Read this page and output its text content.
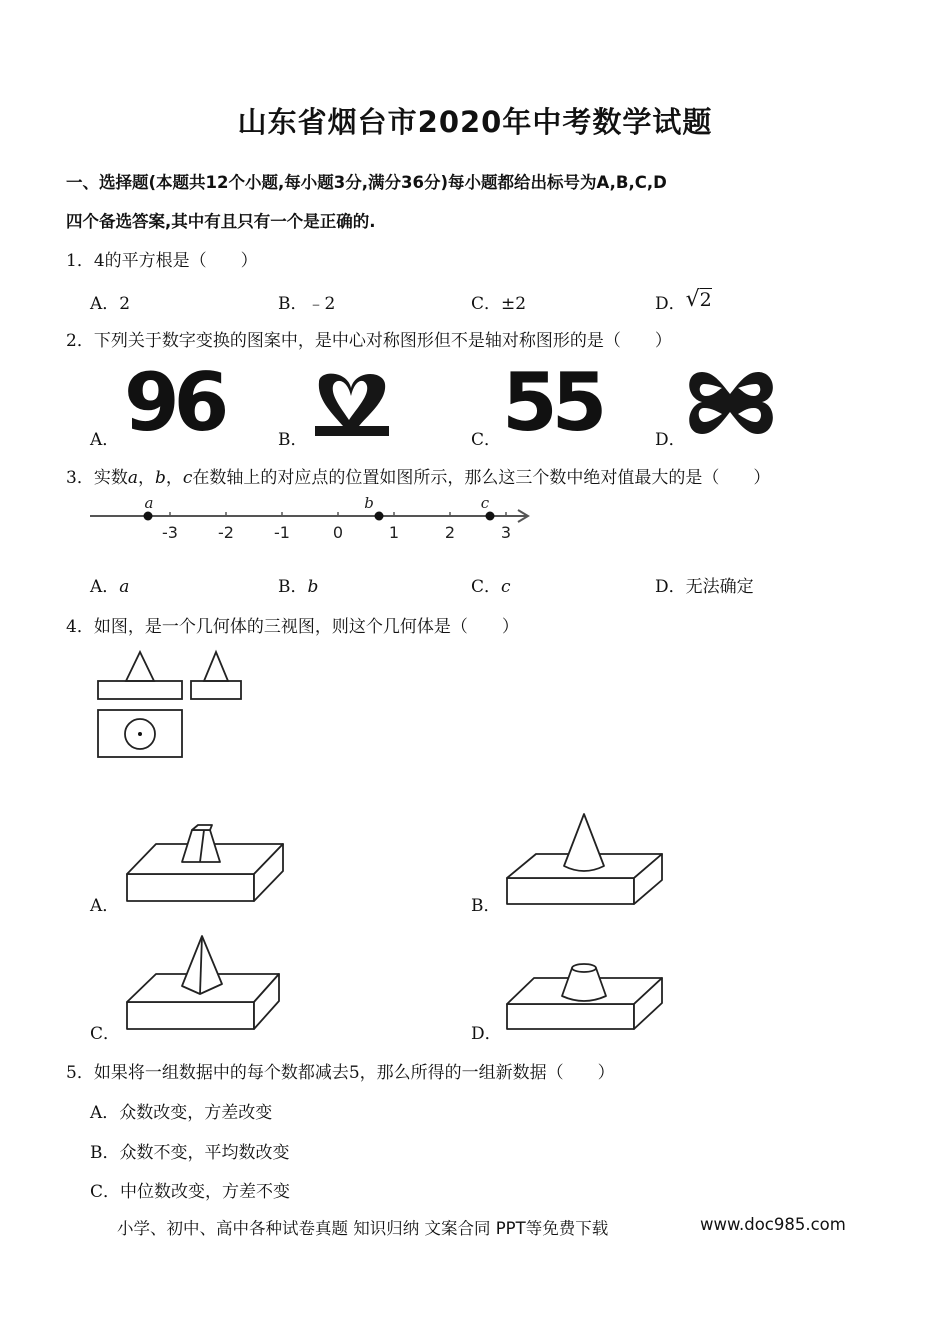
山东省烟台市2020年中考数学试题
一、选择题(本题共12个小题,每小题3分,满分36分)每小题都给出标号为A,B,C,D
四个备选答案,其中有且只有一个是正确的.
1．4的平方根是（　　）
A．2	B．﹣2	C．±2	D．√2
2．下列关于数字变换的图案中，是中心对称图形但不是轴对称图形的是（　　）
A．	B．	C．	D．
96	55
3．实数a，b，c在数轴上的对应点的位置如图所示，那么这三个数中绝对值最大的是（　　）
-3	-2	-1	0	1	2	3
a	b	c
A．a	B．b	C．c	D．无法确定
4．如图，是一个几何体的三视图，则这个几何体是（　　）
A．	B．
C．	D．
5．如果将一组数据中的每个数都减去5，那么所得的一组新数据（　　）
A．众数改变，方差改变
B．众数不变，平均数改变
C．中位数改变，方差不变
小学、初中、高中各种试卷真题 知识归纳 文案合同 PPT等免费下载	www.doc985.com
